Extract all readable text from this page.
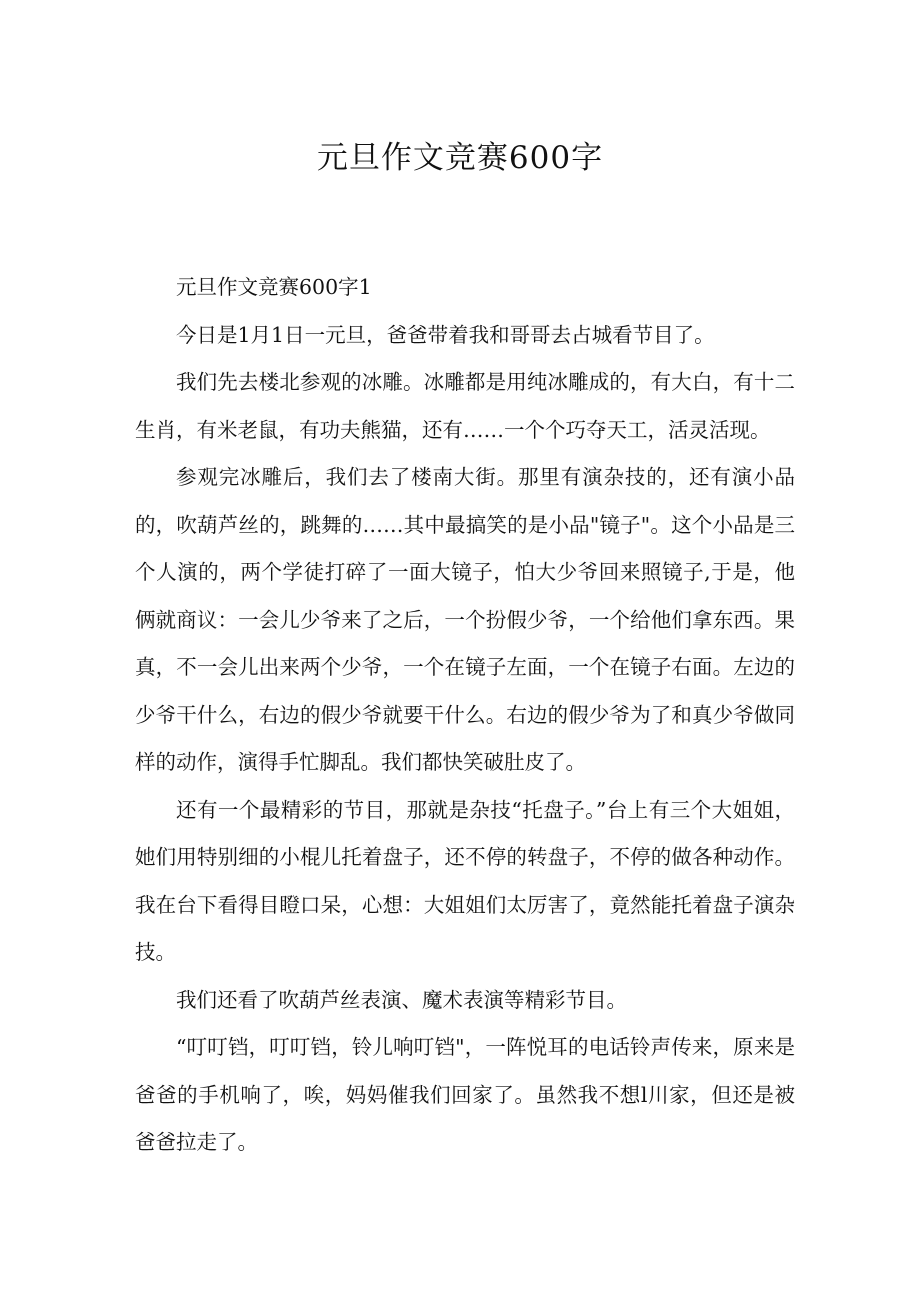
元旦作文竞赛600字

元旦作文竞赛600字1

今日是1月1日一元旦，爸爸带着我和哥哥去占城看节目了。

我们先去楼北参观的冰雕。冰雕都是用纯冰雕成的，有大白，有十二生肖，有米老鼠，有功夫熊猫，还有……一个个巧夺天工，活灵活现。

参观完冰雕后，我们去了楼南大街。那里有演杂技的，还有演小品的，吹葫芦丝的，跳舞的……其中最搞笑的是小品"镜子"。这个小品是三个人演的，两个学徒打碎了一面大镜子，怕大少爷回来照镜子,于是，他俩就商议：一会儿少爷来了之后，一个扮假少爷，一个给他们拿东西。果真，不一会儿出来两个少爷，一个在镜子左面，一个在镜子右面。左边的少爷干什么，右边的假少爷就要干什么。右边的假少爷为了和真少爷做同样的动作，演得手忙脚乱。我们都快笑破肚皮了。

还有一个最精彩的节目，那就是杂技“托盘子。”台上有三个大姐姐，她们用特别细的小棍儿托着盘子，还不停的转盘子，不停的做各种动作。我在台下看得目瞪口呆，心想：大姐姐们太厉害了，竟然能托着盘子演杂技。

我们还看了吹葫芦丝表演、魔术表演等精彩节目。

“叮叮铛，叮叮铛，铃儿响叮铛"，一阵悦耳的电话铃声传来，原来是爸爸的手机响了，唉，妈妈催我们回家了。虽然我不想l川家，但还是被爸爸拉走了。
